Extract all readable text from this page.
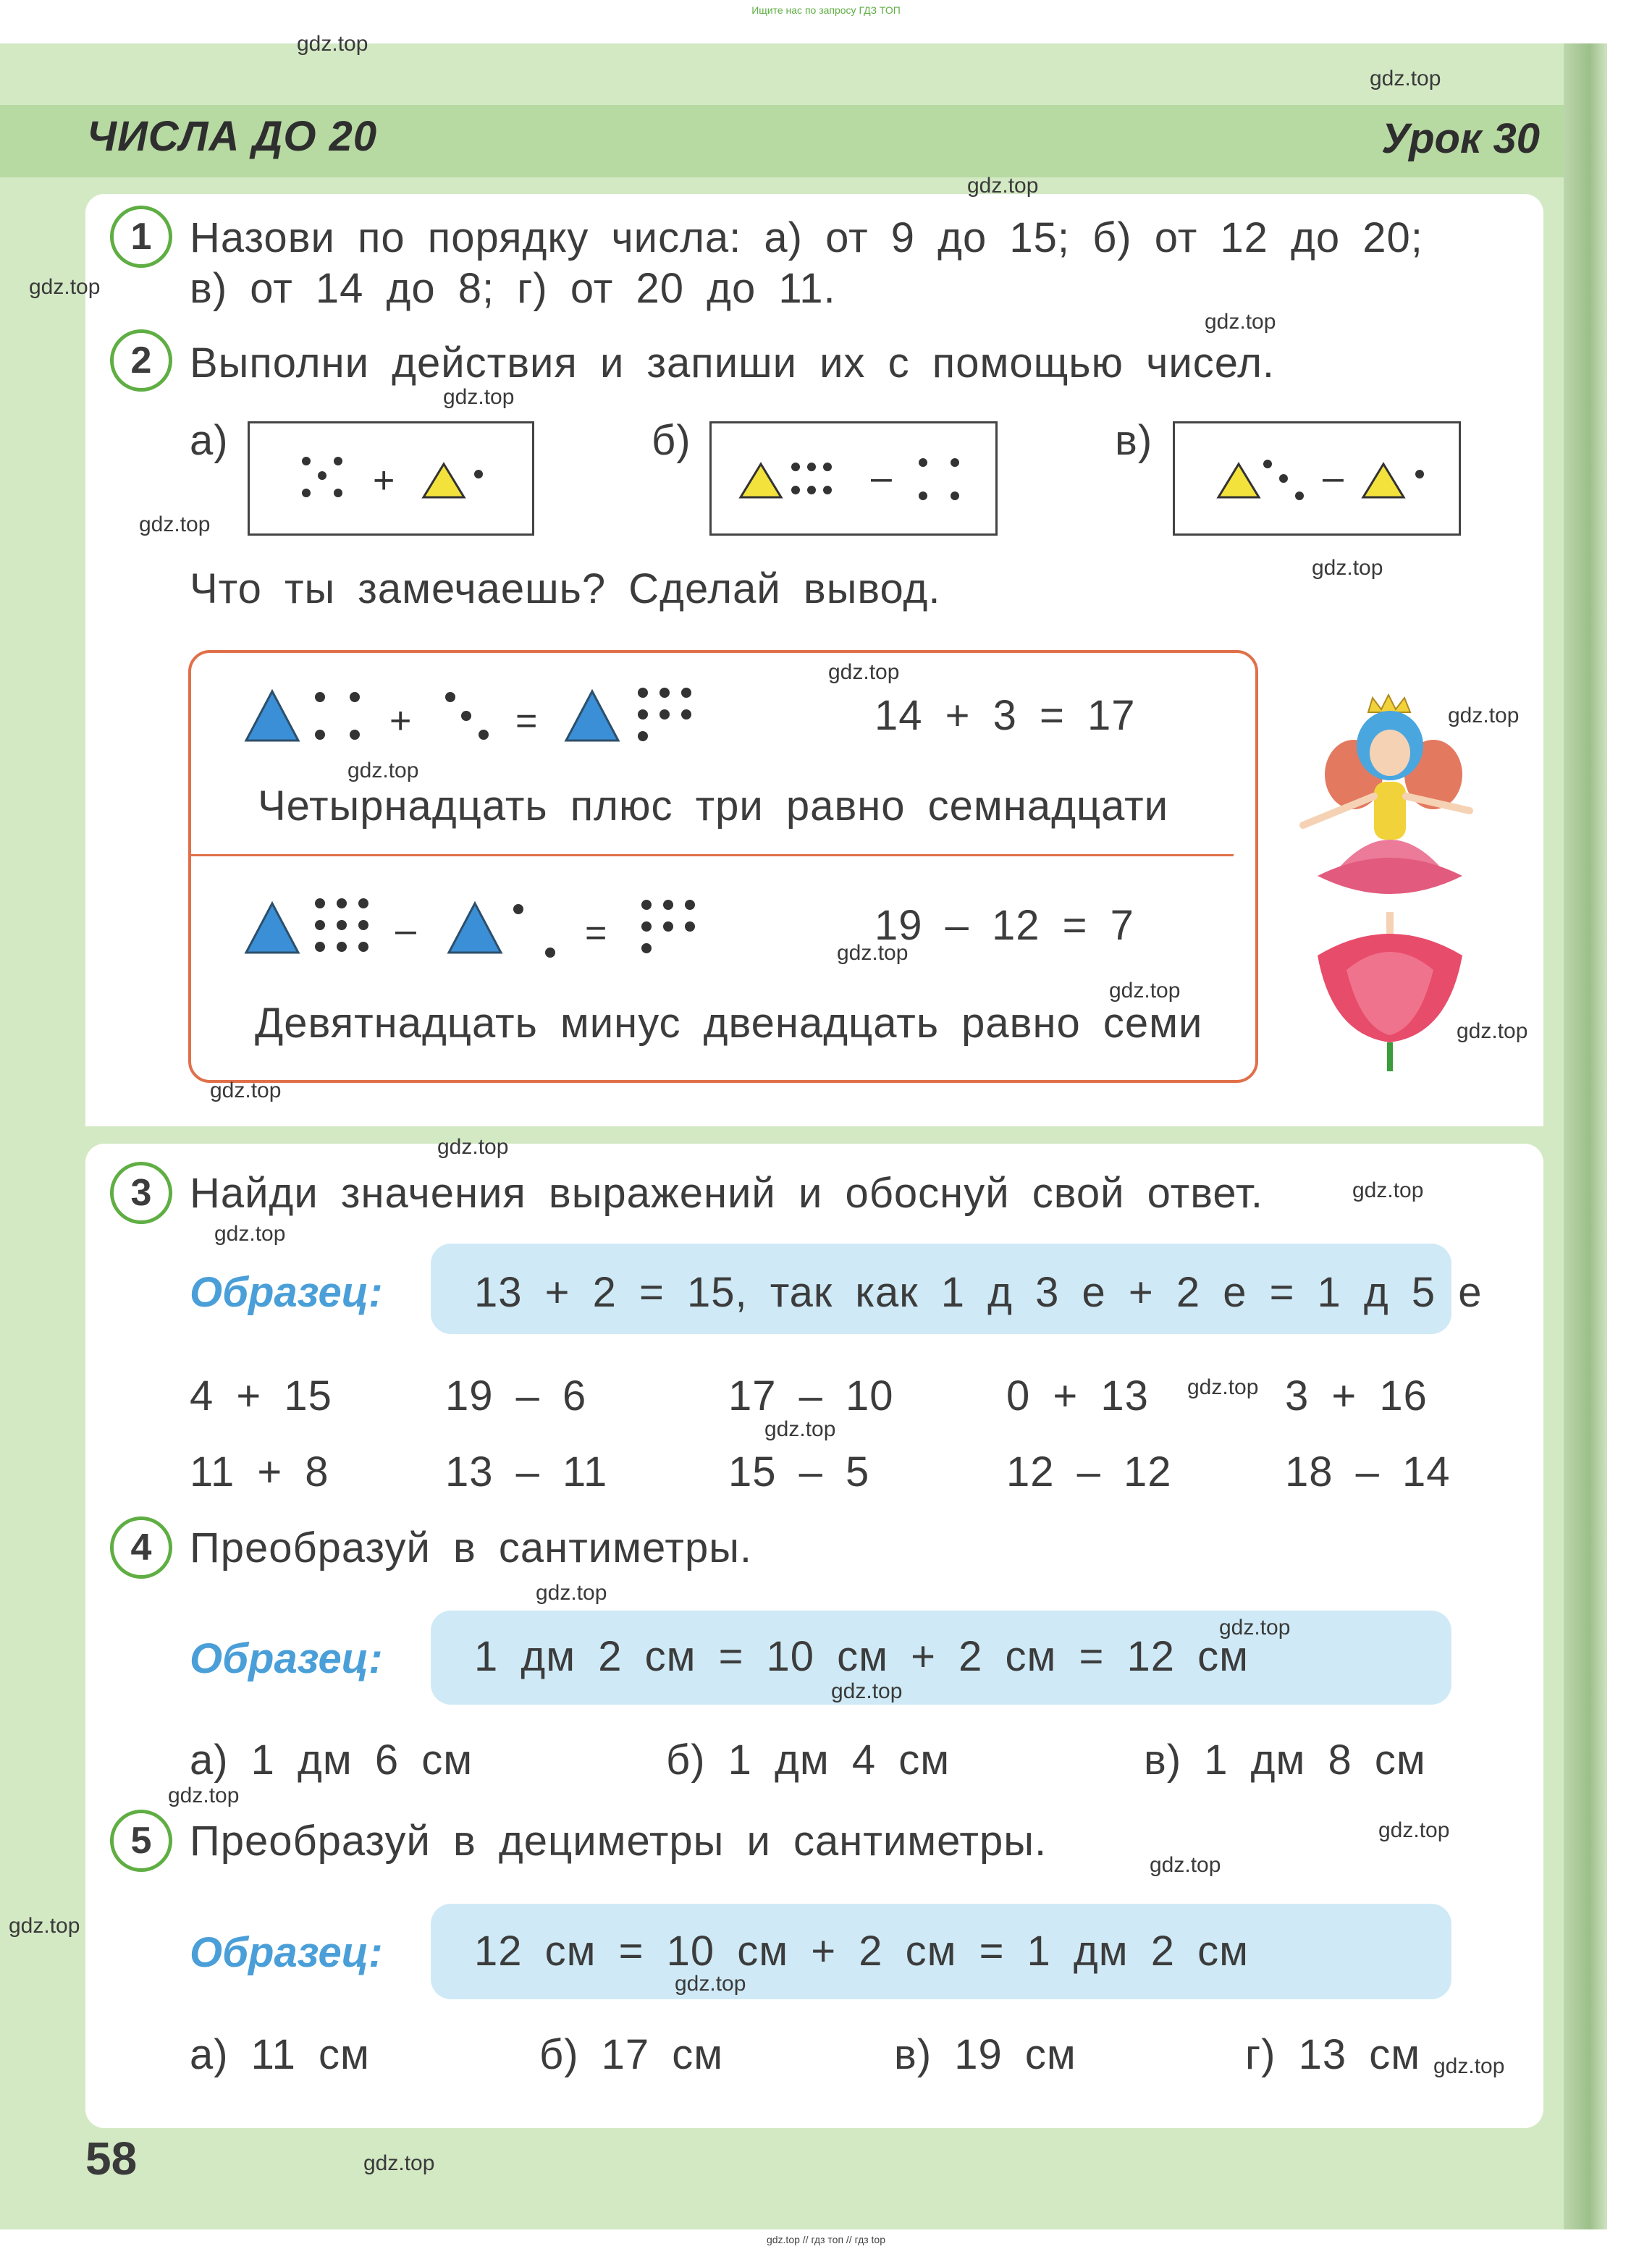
Ищите нас по запросу ГДЗ ТОП
ЧИСЛА ДО 20	Урок 30
1 Назови по порядку числа: а) от 9 до 15; б) от 12 до 20;
в) от 14 до 8; г) от 20 до 11.
2 Выполни действия и запиши их с помощью чисел.
а)
+
б)
–
в)
–
Что ты замечаешь? Сделай вывод.
+	=	14 + 3 = 17
Четырнадцать плюс три равно семнадцати
–	=	19 – 12 = 7
Девятнадцать минус двенадцать равно семи
3 Найди значения выражений и обоснуй свой ответ.
Образец: 13 + 2 = 15, так как 1 д 3 е + 2 е = 1 д 5 е
4 + 15	19 – 6	17 – 10	0 + 13	3 + 16
11 + 8	13 – 11	15 – 5	12 – 12	18 – 14
4 Преобразуй в сантиметры.
Образец: 1 дм 2 см = 10 см + 2 см = 12 см
а) 1 дм 6 см	б) 1 дм 4 см	в) 1 дм 8 см
5 Преобразуй в дециметры и сантиметры.
Образец: 12 см = 10 см + 2 см = 1 дм 2 см
а) 11 см	б) 17 см	в) 19 см	г) 13 см
58
gdz.top
gdz.top
gdz.top
gdz.top
gdz.top
gdz.top
gdz.top
gdz.top
gdz.top
gdz.top
gdz.top
gdz.top
gdz.top
gdz.top
gdz.top
gdz.top
gdz.top
gdz.top
gdz.top
gdz.top
gdz.top
gdz.top
gdz.top
gdz.top
gdz.top
gdz.top
gdz.top
gdz.top
gdz.top
gdz.top
gdz.top // гдз топ // гдз top
